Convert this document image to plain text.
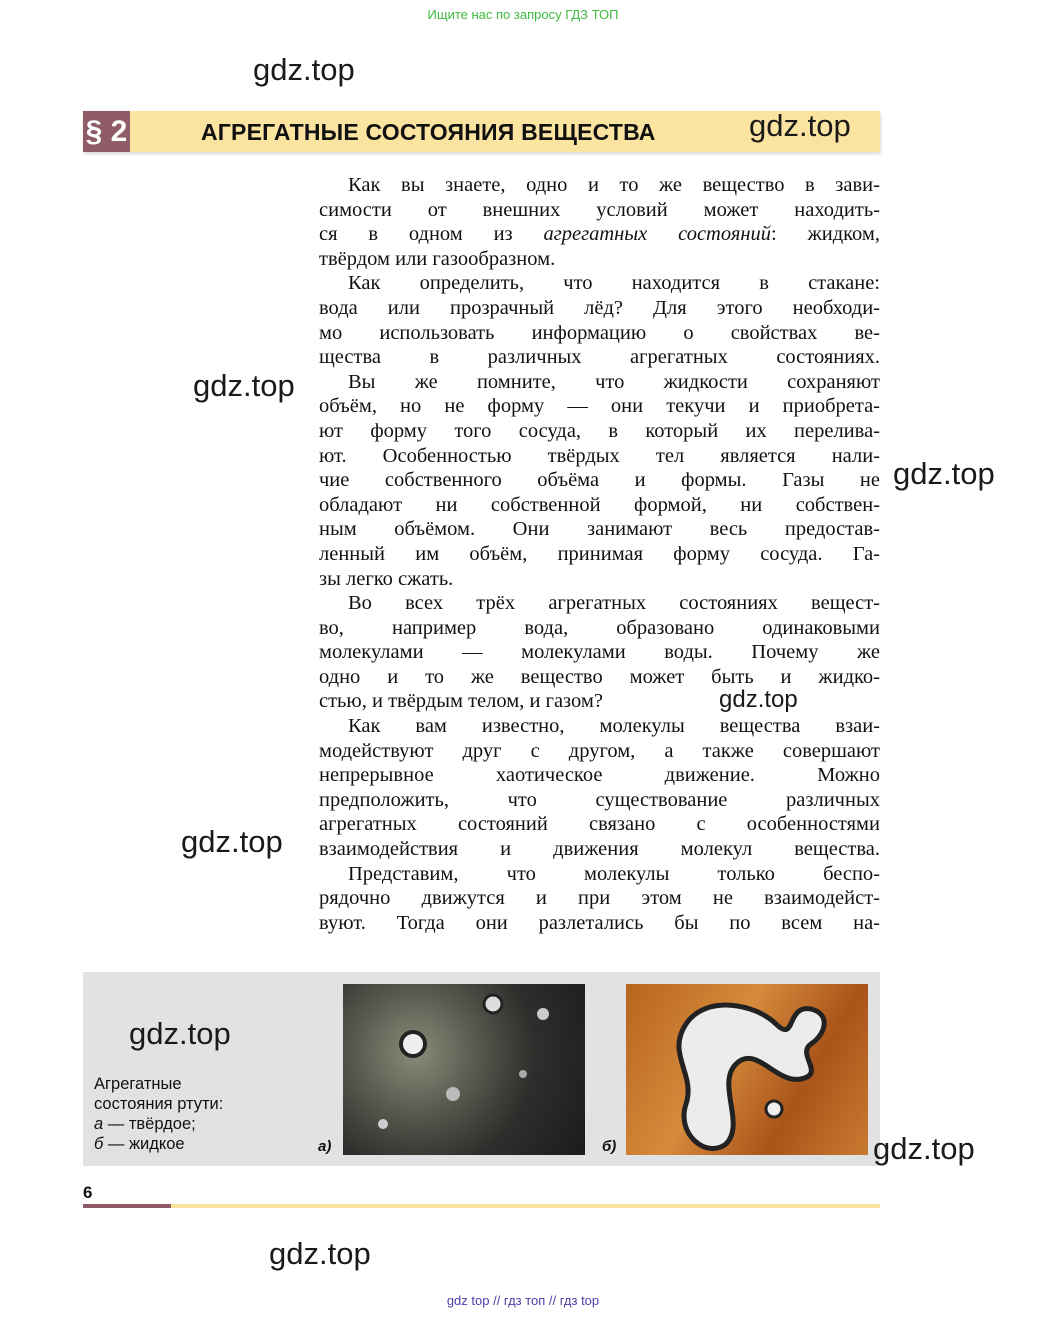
Ищите нас по запросу ГДЗ ТОП
§ 2	АГРЕГАТНЫЕ СОСТОЯНИЯ ВЕЩЕСТВА
Как вы знаете, одно и то же вещество в зави-
симости от внешних условий может находить-
ся в одном из агрегатных состояний: жидком,
твёрдом или газообразном.
Как определить, что находится в стакане:
вода или прозрачный лёд? Для этого необходи-
мо использовать информацию о свойствах ве-
щества в различных агрегатных состояниях.
Вы же помните, что жидкости сохраняют
объём, но не форму — они текучи и приобрета-
ют форму того сосуда, в который их перелива-
ют. Особенностью твёрдых тел является нали-
чие собственного объёма и формы. Газы не
обладают ни собственной формой, ни собствен-
ным объёмом. Они занимают весь предостав-
ленный им объём, принимая форму сосуда. Га-
зы легко сжать.
Во всех трёх агрегатных состояниях вещест-
во, например вода, образовано одинаковыми
молекулами — молекулами воды. Почему же
одно и то же вещество может быть и жидко-
стью, и твёрдым телом, и газом?
Как вам известно, молекулы вещества взаи-
модействуют друг с другом, а также совершают
непрерывное хаотическое движение. Можно
предположить, что существование различных
агрегатных состояний связано с особенностями
взаимодействия и движения молекул вещества.
Представим, что молекулы только беспо-
рядочно движутся и при этом не взаимодейст-
вуют. Тогда они разлетались бы по всем на-
Агрегатные
состояния ртути:
а — твёрдое;
б — жидкое	а)	б)
6
gdz.top
gdz.top
gdz.top
gdz.top
gdz.top
gdz.top
gdz.top
gdz.top
gdz.top
gdz top // гдз топ // гдз top
